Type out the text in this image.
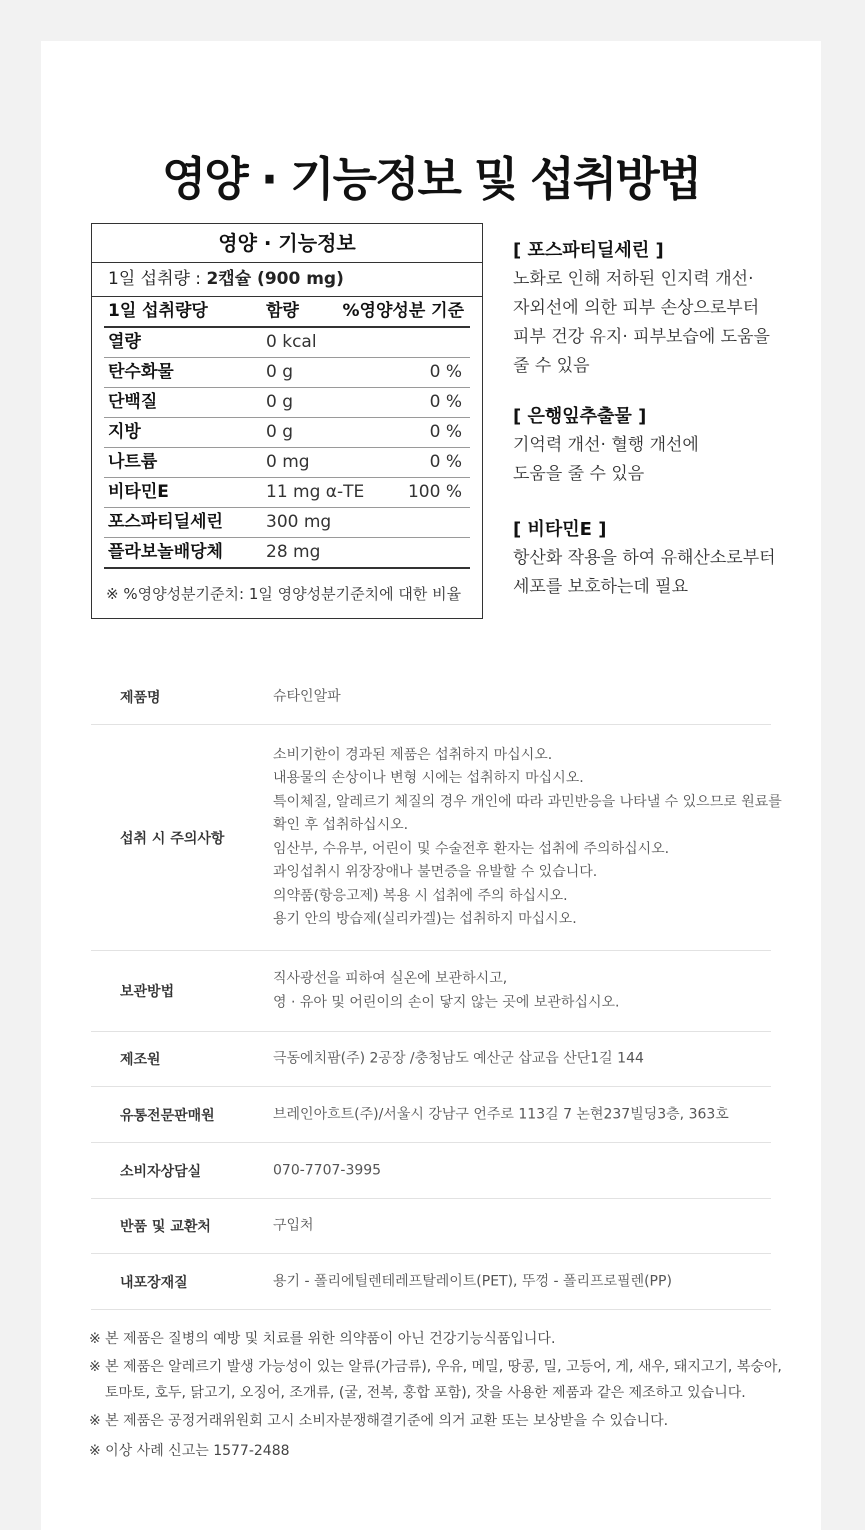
영양 · 기능정보 및 섭취방법
영양 · 기능정보
1일 섭취량 : 2캡슐 (900 mg)
1일 섭취량당	함량	%영양성분 기준
열량	0 kcal
탄수화물	0 g	0 %
단백질	0 g	0 %
지방	0 g	0 %
나트륨	0 mg	0 %
비타민E	11 mg α-TE	100 %
포스파티딜세린	300 mg
플라보놀배당체	28 mg
※ %영양성분기준치: 1일 영양성분기준치에 대한 비율
[ 포스파티딜세린 ]
노화로 인해 저하된 인지력 개선·
자외선에 의한 피부 손상으로부터
피부 건강 유지· 피부보습에 도움을
줄 수 있음
[ 은행잎추출물 ]
기억력 개선· 혈행 개선에
도움을 줄 수 있음
[ 비타민E ]
항산화 작용을 하여 유해산소로부터
세포를 보호하는데 필요
제품명	슈타인알파
섭취 시 주의사항
소비기한이 경과된 제품은 섭취하지 마십시오.
내용물의 손상이나 변형 시에는 섭취하지 마십시오.
특이체질, 알레르기 체질의 경우 개인에 따라 과민반응을 나타낼 수 있으므로 원료를
확인 후 섭취하십시오.
임산부, 수유부, 어린이 및 수술전후 환자는 섭취에 주의하십시오.
과잉섭취시 위장장애나 불면증을 유발할 수 있습니다.
의약품(항응고제) 복용 시 섭취에 주의 하십시오.
용기 안의 방습제(실리카겔)는 섭취하지 마십시오.
보관방법
직사광선을 피하여 실온에 보관하시고,
영 · 유아 및 어린이의 손이 닿지 않는 곳에 보관하십시오.
제조원	극동에치팜(주) 2공장 /충청남도 예산군 삽교읍 산단1길 144
유통전문판매원	브레인아흐트(주)/서울시 강남구 언주로 113길 7 논현237빌딩3층, 363호
소비자상담실	070-7707-3995
반품 및 교환처	구입처
내포장재질	용기 - 폴리에틸렌테레프탈레이트(PET), 뚜껑 - 폴리프로필렌(PP)
※ 본 제품은 질병의 예방 및 치료를 위한 의약품이 아닌 건강기능식품입니다.
※ 본 제품은 알레르기 발생 가능성이 있는 알류(가금류), 우유, 메밀, 땅콩, 밀, 고등어, 게, 새우, 돼지고기, 복숭아,
토마토, 호두, 닭고기, 오징어, 조개류, (굴, 전복, 홍합 포함), 잣을 사용한 제품과 같은 제조하고 있습니다.
※ 본 제품은 공정거래위원회 고시 소비자분쟁해결기준에 의거 교환 또는 보상받을 수 있습니다.
※ 이상 사례 신고는 1577-2488
